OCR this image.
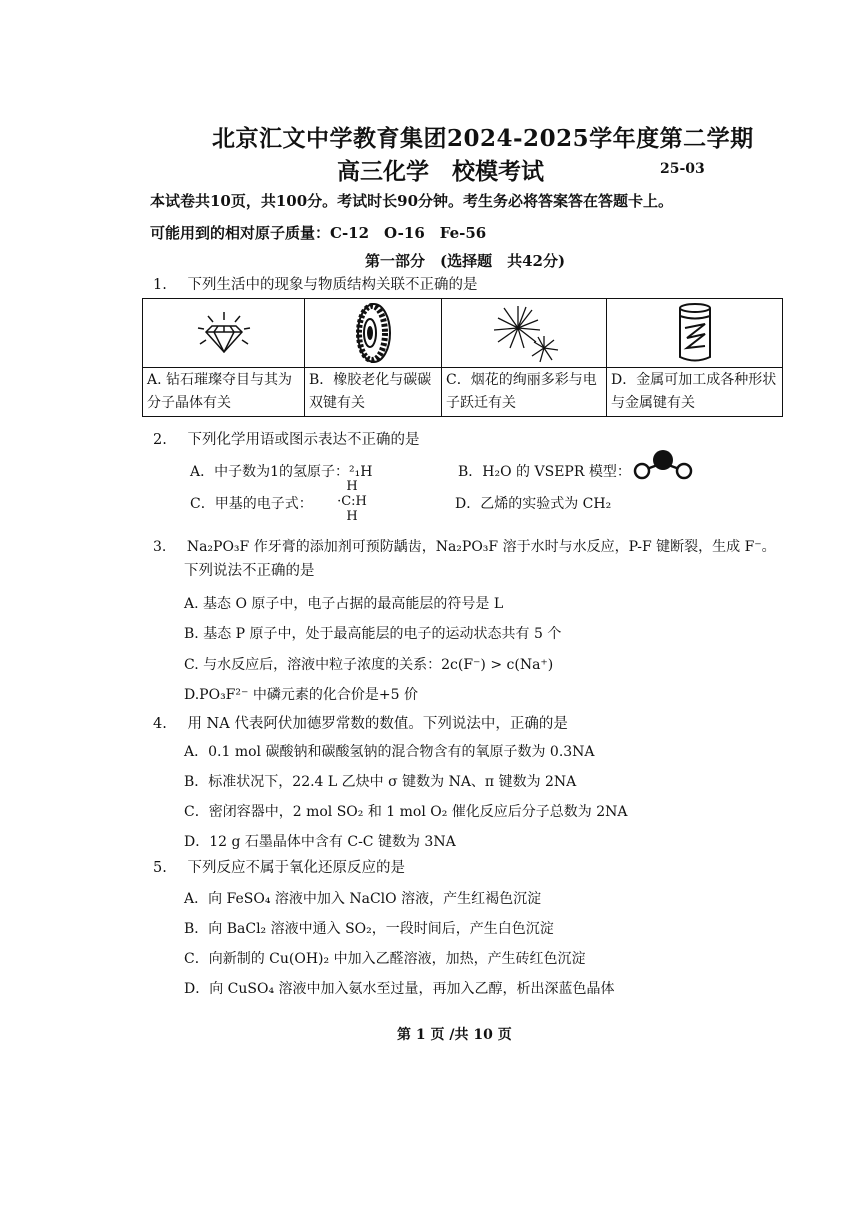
北京汇文中学教育集团2024-2025学年度第二学期
高三化学　校模考试	25-03
本试卷共10页，共100分。考试时长90分钟。考生务必将答案答在答题卡上。
可能用到的相对原子质量：C-12　O-16　Fe-56
第一部分　(选择题　共42分)
1. 下列生活中的现象与物质结构关联不正确的是

A. 钻石璀璨夺目与其为分子晶体有关	B．橡胶老化与碳碳双键有关	C．烟花的绚丽多彩与电子跃迁有关	D．金属可加工成各种形状与金属键有关
2. 下列化学用语或图示表达不正确的是
A．中子数为1的氢原子：²₁H	B．H₂O 的 VSEPR 模型：
C．甲基的电子式：
H
·C:H
H
D．乙烯的实验式为 CH₂
3. Na₂PO₃F 作牙膏的添加剂可预防龋齿，Na₂PO₃F 溶于水时与水反应，P-F 键断裂，生成 F⁻。
下列说法不正确的是
A. 基态 O 原子中，电子占据的最高能层的符号是 L
B. 基态 P 原子中，处于最高能层的电子的运动状态共有 5 个
C. 与水反应后，溶液中粒子浓度的关系：2c(F⁻) > c(Na⁺)
D.PO₃F²⁻ 中磷元素的化合价是+5 价
4. 用 NA 代表阿伏加德罗常数的数值。下列说法中，正确的是
A．0.1 mol 碳酸钠和碳酸氢钠的混合物含有的氧原子数为 0.3NA
B．标准状况下，22.4 L 乙炔中 σ 键数为 NA、π 键数为 2NA
C．密闭容器中，2 mol SO₂ 和 1 mol O₂ 催化反应后分子总数为 2NA
D．12 g 石墨晶体中含有 C-C 键数为 3NA
5. 下列反应不属于氧化还原反应的是
A．向 FeSO₄ 溶液中加入 NaClO 溶液，产生红褐色沉淀
B．向 BaCl₂ 溶液中通入 SO₂，一段时间后，产生白色沉淀
C．向新制的 Cu(OH)₂ 中加入乙醛溶液，加热，产生砖红色沉淀
D．向 CuSO₄ 溶液中加入氨水至过量，再加入乙醇，析出深蓝色晶体
第 1 页 /共 10 页
